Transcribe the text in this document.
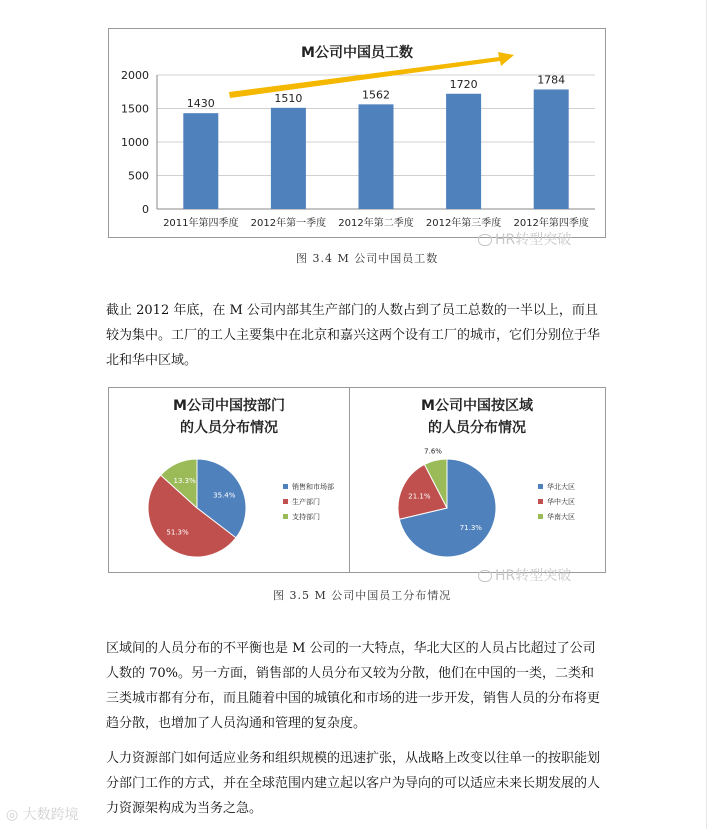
M公司中国员工数
0
500
1000
1500
2000
1430
2011年第四季度
1510
2012年第一季度
1562
2012年第二季度
1720
2012年第三季度
1784
2012年第四季度
HR转型突破
图 3.4 M 公司中国员工数
截止 2012 年底，在 M 公司内部其生产部门的人数占到了员工总数的一半以上，而且较为集中。工厂的工人主要集中在北京和嘉兴这两个设有工厂的城市，它们分别位于华北和华中区域。
M公司中国按部门
的人员分布情况
35.4%
51.3%
13.3%
销售和市场部
生产部门
支持部门
M公司中国按区域
的人员分布情况
71.3%
21.1%
7.6%
华北大区
华中大区
华南大区
HR转型突破
图 3.5 M 公司中国员工分布情况
区域间的人员分布的不平衡也是 M 公司的一大特点，华北大区的人员占比超过了公司人数的 70%。另一方面，销售部的人员分布又较为分散，他们在中国的一类，二类和三类城市都有分布，而且随着中国的城镇化和市场的进一步开发，销售人员的分布将更趋分散，也增加了人员沟通和管理的复杂度。
人力资源部门如何适应业务和组织规模的迅速扩张，从战略上改变以往单一的按职能划分部门工作的方式，并在全球范围内建立起以客户为导向的可以适应未来长期发展的人力资源架构成为当务之急。
◎ 大数跨境
